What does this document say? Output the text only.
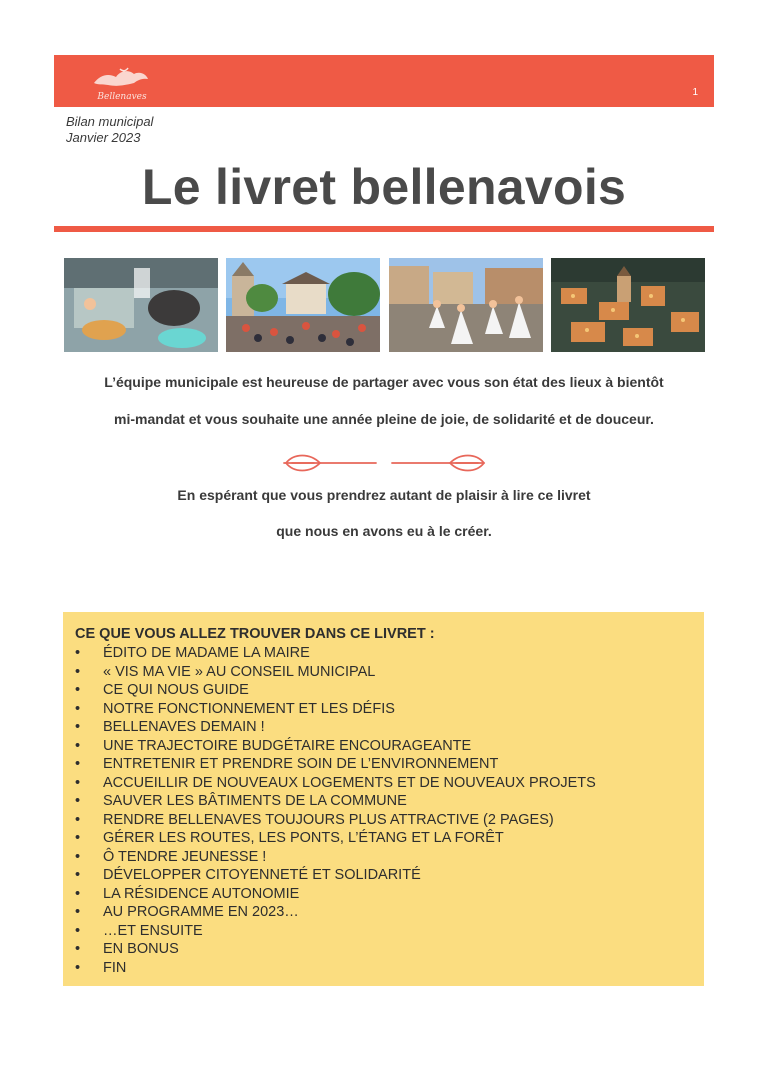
Bellenaves	1
Bilan municipal
Janvier 2023
Le livret bellenavois
L’équipe municipale est heureuse de partager avec vous son état des lieux à bientôt
mi-mandat et vous souhaite une année pleine de joie, de solidarité et de douceur.
En espérant que vous prendrez autant de plaisir à lire ce livret
que nous en avons eu à le créer.
CE QUE VOUS ALLEZ TROUVER DANS CE LIVRET :
•	ÉDITO DE MADAME LA MAIRE
•	« VIS MA VIE » AU CONSEIL MUNICIPAL
•	CE QUI NOUS GUIDE
•	NOTRE FONCTIONNEMENT ET LES DÉFIS
•	BELLENAVES DEMAIN !
•	UNE TRAJECTOIRE BUDGÉTAIRE ENCOURAGEANTE
•	ENTRETENIR ET PRENDRE SOIN DE L’ENVIRONNEMENT
•	ACCUEILLIR DE NOUVEAUX LOGEMENTS ET DE NOUVEAUX PROJETS
•	SAUVER LES BÂTIMENTS DE LA COMMUNE
•	RENDRE BELLENAVES TOUJOURS PLUS ATTRACTIVE (2 PAGES)
•	GÉRER LES ROUTES, LES PONTS, L’ÉTANG ET LA FORÊT
•	Ô TENDRE JEUNESSE !
•	DÉVELOPPER CITOYENNETÉ ET SOLIDARITÉ
•	LA RÉSIDENCE AUTONOMIE
•	AU PROGRAMME EN 2023…
•	…ET ENSUITE
•	EN BONUS
•	FIN
